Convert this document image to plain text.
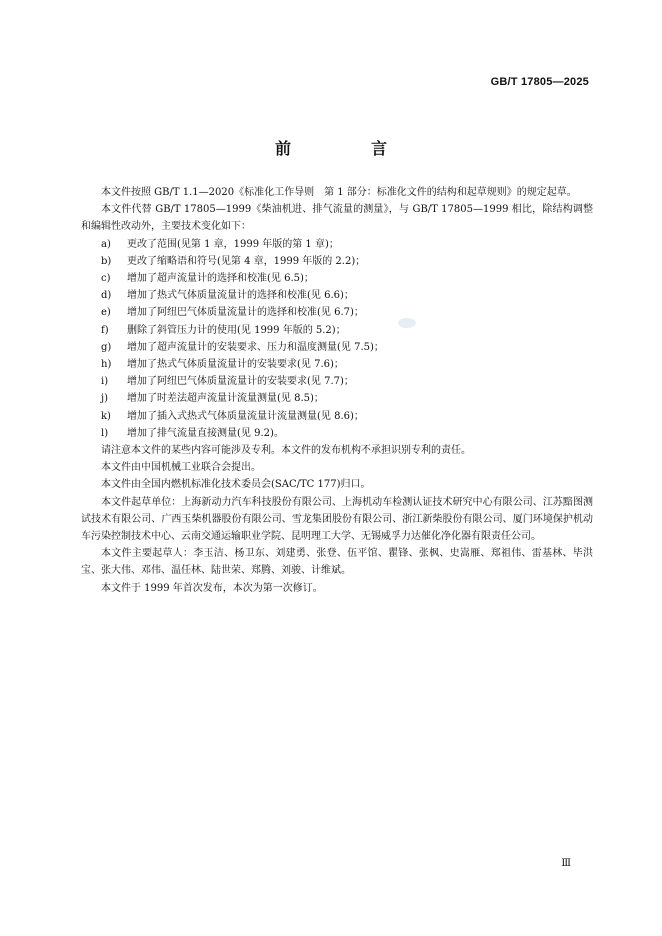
GB/T 17805—2025
前　言

本文件按照 GB/T 1.1—2020《标准化工作导则　第 1 部分：标准化文件的结构和起草规则》的规定起草。

本文件代替 GB/T 17805—1999《柴油机进、排气流量的测量》，与 GB/T 17805—1999 相比，除结构调整和编辑性改动外，主要技术变化如下：

a)	更改了范围(见第 1 章，1999 年版的第 1 章)；
b)	更改了缩略语和符号(见第 4 章，1999 年版的 2.2)；
c)	增加了超声流量计的选择和校准(见 6.5)；
d)	增加了热式气体质量流量计的选择和校准(见 6.6)；
e)	增加了阿纽巴气体质量流量计的选择和校准(见 6.7)；
f)	删除了斜管压力计的使用(见 1999 年版的 5.2)；
g)	增加了超声流量计的安装要求、压力和温度测量(见 7.5)；
h)	增加了热式气体质量流量计的安装要求(见 7.6)；
i)	增加了阿纽巴气体质量流量计的安装要求(见 7.7)；
j)	增加了时差法超声流量计流量测量(见 8.5)；
k)	增加了插入式热式气体质量流量计流量测量(见 8.6)；
l)	增加了排气流量直接测量(见 9.2)。

请注意本文件的某些内容可能涉及专利。本文件的发布机构不承担识别专利的责任。

本文件由中国机械工业联合会提出。

本文件由全国内燃机标准化技术委员会(SAC/TC 177)归口。

本文件起草单位：上海新动力汽车科技股份有限公司、上海机动车检测认证技术研究中心有限公司、江苏黯图测试技术有限公司、广西玉柴机器股份有限公司、雪龙集团股份有限公司、浙江新柴股份有限公司、厦门环境保护机动车污染控制技术中心、云南交通运输职业学院、昆明理工大学、无锡威孚力达催化净化器有限责任公司。

本文件主要起草人：李玉洁、杨卫东、刘建勇、张登、伍平馆、瞿锋、张枫、史嵩雁、郑祖伟、雷基林、毕洪宝、张大伟、邓伟、温任林、陆世荣、郑腾、刘骏、计维斌。

本文件于 1999 年首次发布，本次为第一次修订。

Ⅲ
